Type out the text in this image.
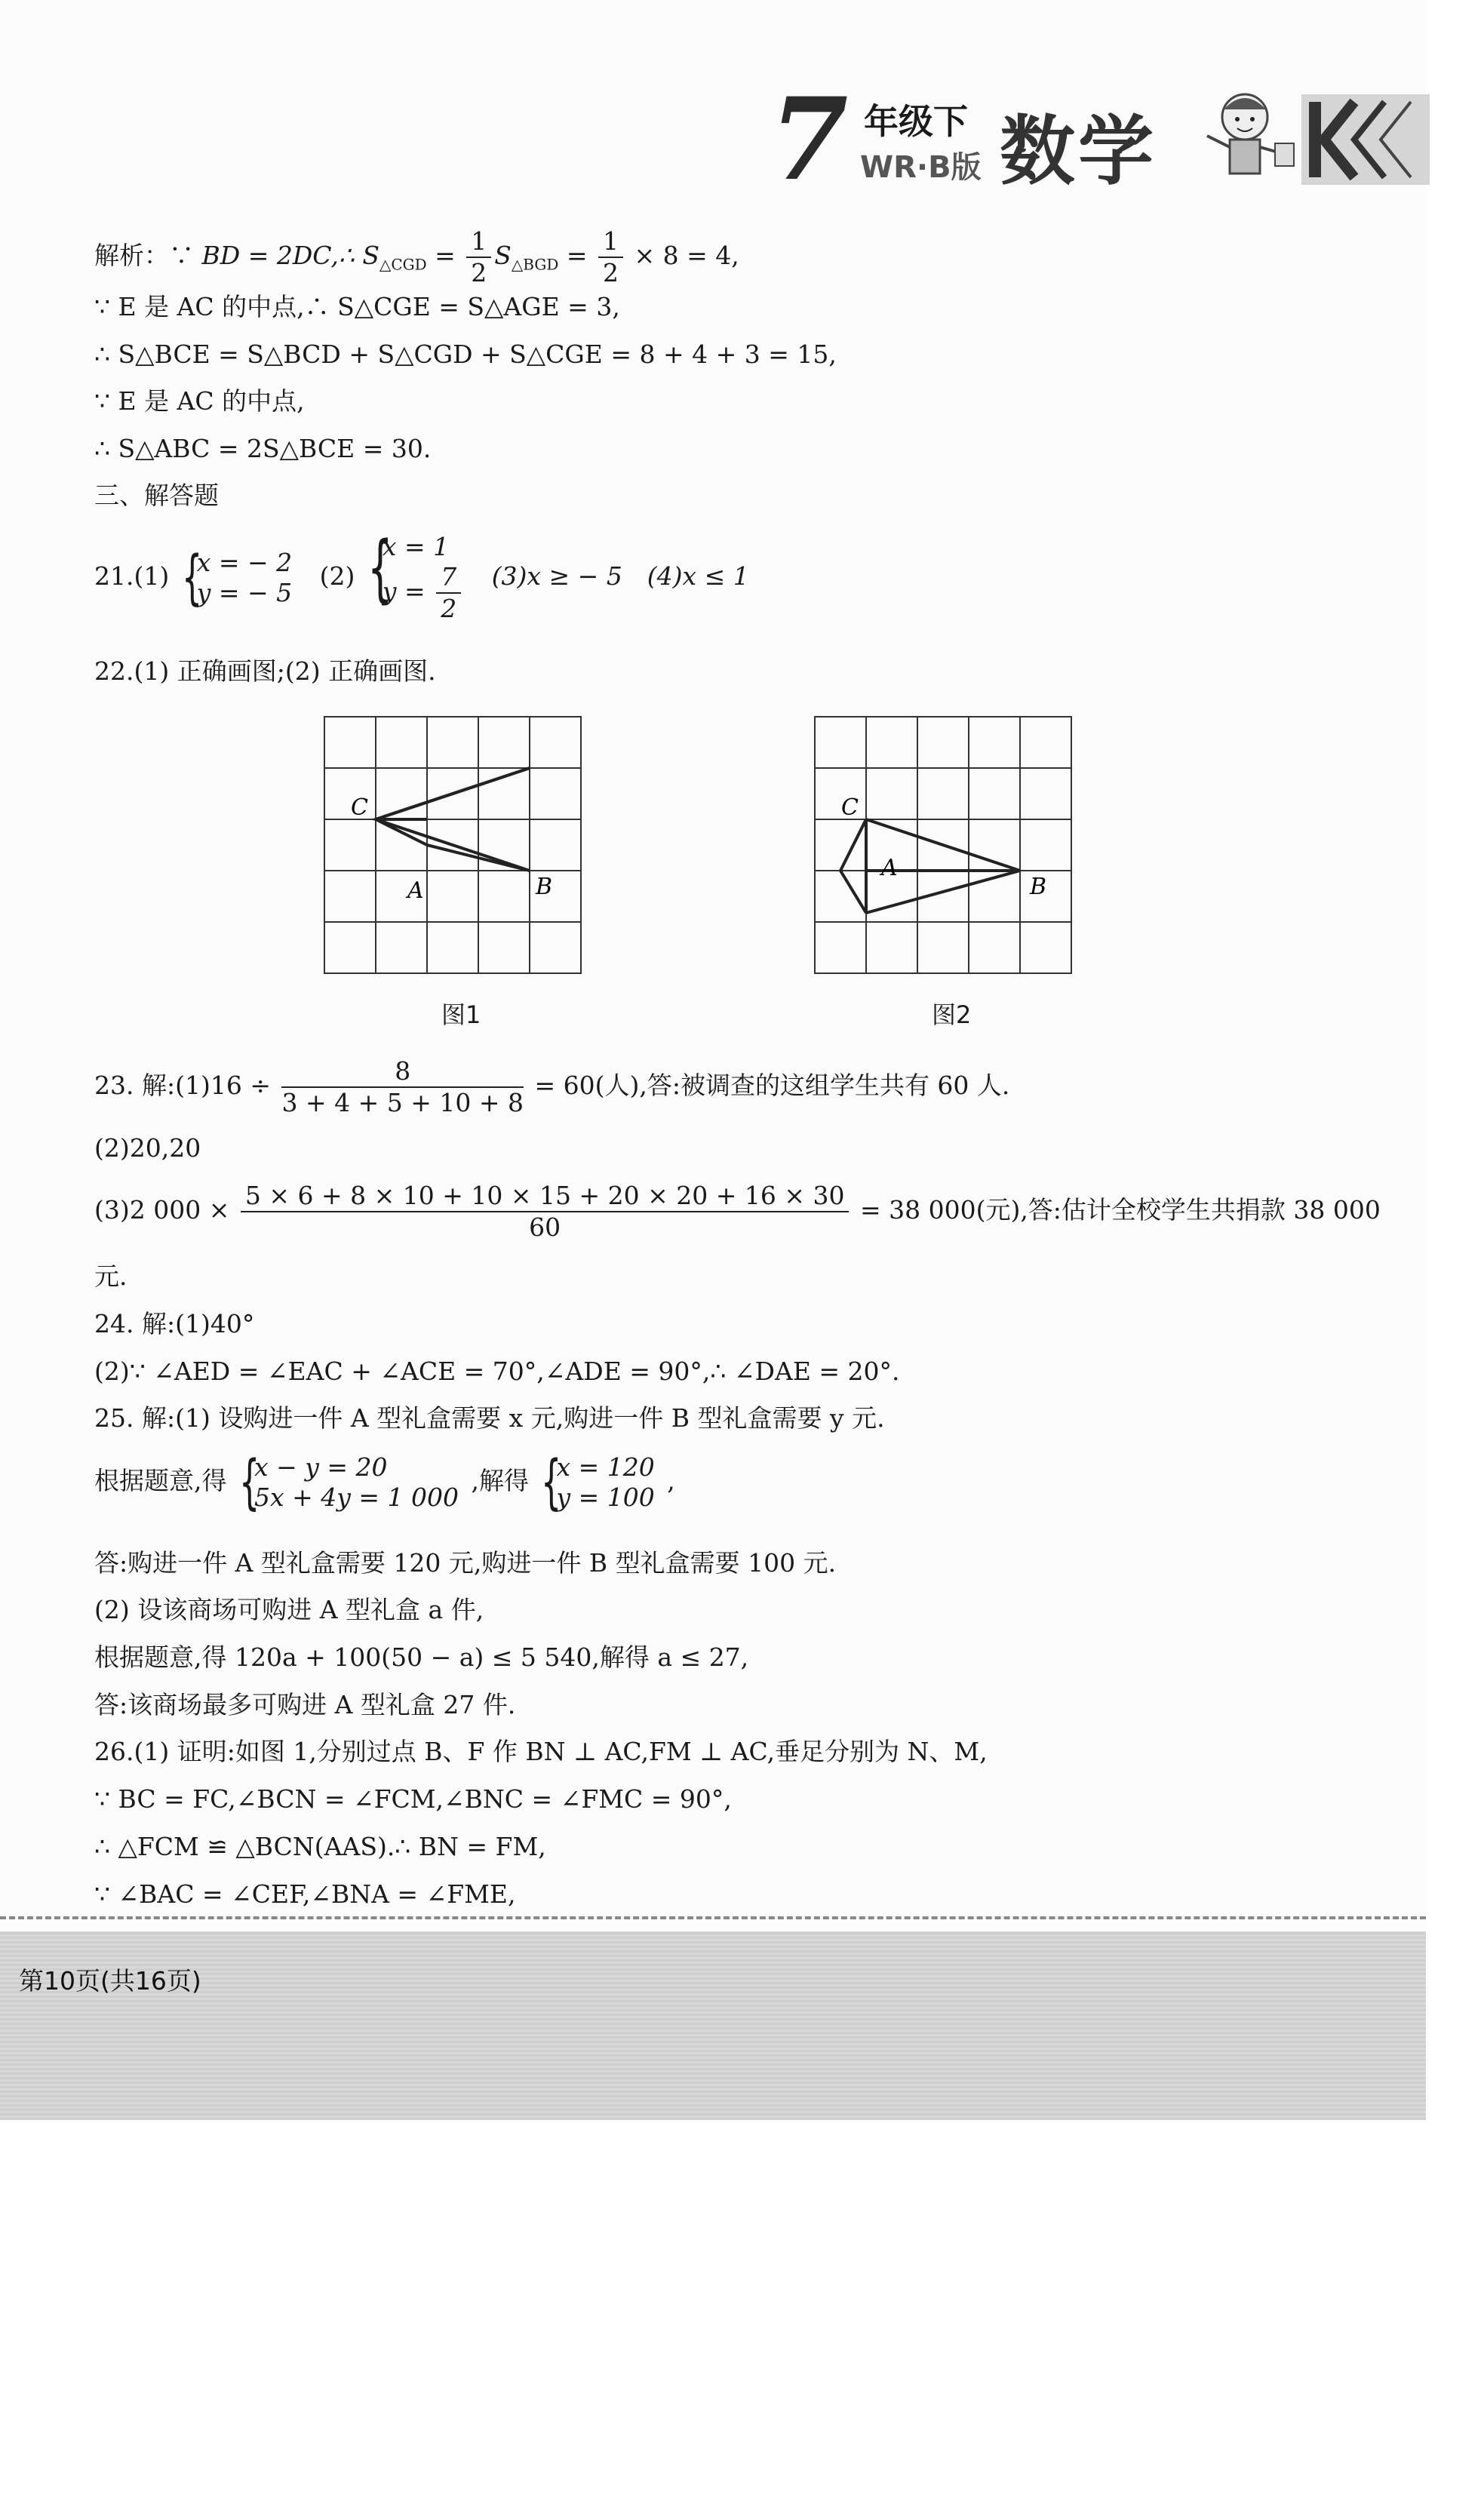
7 年级下
WR·B版 数学
解析：∵ BD = 2DC,∴ $S_{\triangle CGD} = \frac{1}{2} S_{\triangle BGD} = \frac{1}{2} \times 8 = 4$,
∵ E 是 AC 的中点,∴ S△CGE = S△AGE = 3,
∴ S△BCE = S△BCD + S△CGD + S△CGE = 8 + 4 + 3 = 15,
∵ E 是 AC 的中点,
∴ S△ABC = 2S△BCE = 30.
三、解答题
21.(1) {
x = − 2
y = − 5
(2) {
x = 1
$y = \frac{7}{2} (3)x$ ≥ − 5　(4)x ≤ 1
22.(1) 正确画图;(2) 正确画图.
C
A	B
C
A
B
图1	图2
23. 解:(1)16 ÷ $\frac{8}{3 + 4 + 5 + 10 + 8} = 60$(人),答:被调查的这组学生共有 60 人.
(2)20,20
(3)2 $000 \times \frac{5 \times 6 + 8 \times 10 + 10 \times 15 + 20 \times 20 + 16 \times 30}{60} = 38$ 000(元),答:估计全校学生共捐款 38 000
元.
24. 解:(1)40°
(2)∵ ∠AED = ∠EAC + ∠ACE = 70°,∠ADE = 90°,∴ ∠DAE = 20°.
25. 解:(1) 设购进一件 A 型礼盒需要 x 元,购进一件 B 型礼盒需要 y 元.
根据题意,得 {
x − y = 20
5x + 4y = 1 000
,解得 {
x = 120
y = 100
,
答:购进一件 A 型礼盒需要 120 元,购进一件 B 型礼盒需要 100 元.
(2) 设该商场可购进 A 型礼盒 a 件,
根据题意,得 120a + 100(50 − a) ≤ 5 540,解得 a ≤ 27,
答:该商场最多可购进 A 型礼盒 27 件.
26.(1) 证明:如图 1,分别过点 B、F 作 BN ⊥ AC,FM ⊥ AC,垂足分别为 N、M,
∵ BC = FC,∠BCN = ∠FCM,∠BNC = ∠FMC = 90°,
∴ △FCM ≌ △BCN(AAS).∴ BN = FM,
∵ ∠BAC = ∠CEF,∠BNA = ∠FME,
第10页(共16页)
